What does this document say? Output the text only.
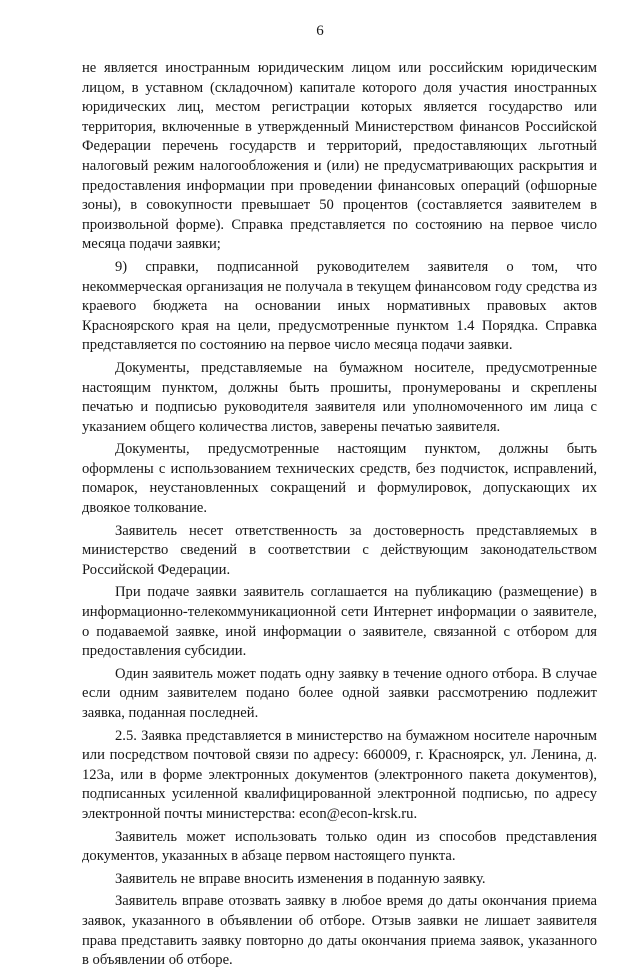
6

не является иностранным юридическим лицом или российским юридическим лицом, в уставном (складочном) капитале которого доля участия иностранных юридических лиц, местом регистрации которых является государство или территория, включенные в утвержденный Министерством финансов Российской Федерации перечень государств и территорий, предоставляющих льготный налоговый режим налогообложения и (или) не предусматривающих раскрытия и предоставления информации при проведении финансовых операций (офшорные зоны), в совокупности превышает 50 процентов (составляется заявителем в произвольной форме). Справка представляется по состоянию на первое число месяца подачи заявки;

9) справки, подписанной руководителем заявителя о том, что некоммерческая организация не получала в текущем финансовом году средства из краевого бюджета на основании иных нормативных правовых актов Красноярского края на цели, предусмотренные пунктом 1.4 Порядка. Справка представляется по состоянию на первое число месяца подачи заявки.

Документы, представляемые на бумажном носителе, предусмотренные настоящим пунктом, должны быть прошиты, пронумерованы и скреплены печатью и подписью руководителя заявителя или уполномоченного им лица с указанием общего количества листов, заверены печатью заявителя.

Документы, предусмотренные настоящим пунктом, должны быть оформлены с использованием технических средств, без подчисток, исправлений, помарок, неустановленных сокращений и формулировок, допускающих их двоякое толкование.

Заявитель несет ответственность за достоверность представляемых в министерство сведений в соответствии с действующим законодательством Российской Федерации.

При подаче заявки заявитель соглашается на публикацию (размещение) в информационно-телекоммуникационной сети Интернет информации о заявителе, о подаваемой заявке, иной информации о заявителе, связанной с отбором для предоставления субсидии.

Один заявитель может подать одну заявку в течение одного отбора. В случае если одним заявителем подано более одной заявки рассмотрению подлежит заявка, поданная последней.

2.5. Заявка представляется в министерство на бумажном носителе нарочным или посредством почтовой связи по адресу: 660009, г. Красноярск, ул. Ленина, д. 123а, или в форме электронных документов (электронного пакета документов), подписанных усиленной квалифицированной электронной подписью, по адресу электронной почты министерства: econ@econ-krsk.ru.

Заявитель может использовать только один из способов представления документов, указанных в абзаце первом настоящего пункта.

Заявитель не вправе вносить изменения в поданную заявку.

Заявитель вправе отозвать заявку в любое время до даты окончания приема заявок, указанного в объявлении об отборе. Отзыв заявки не лишает заявителя права представить заявку повторно до даты окончания приема заявок, указанного в объявлении об отборе.
